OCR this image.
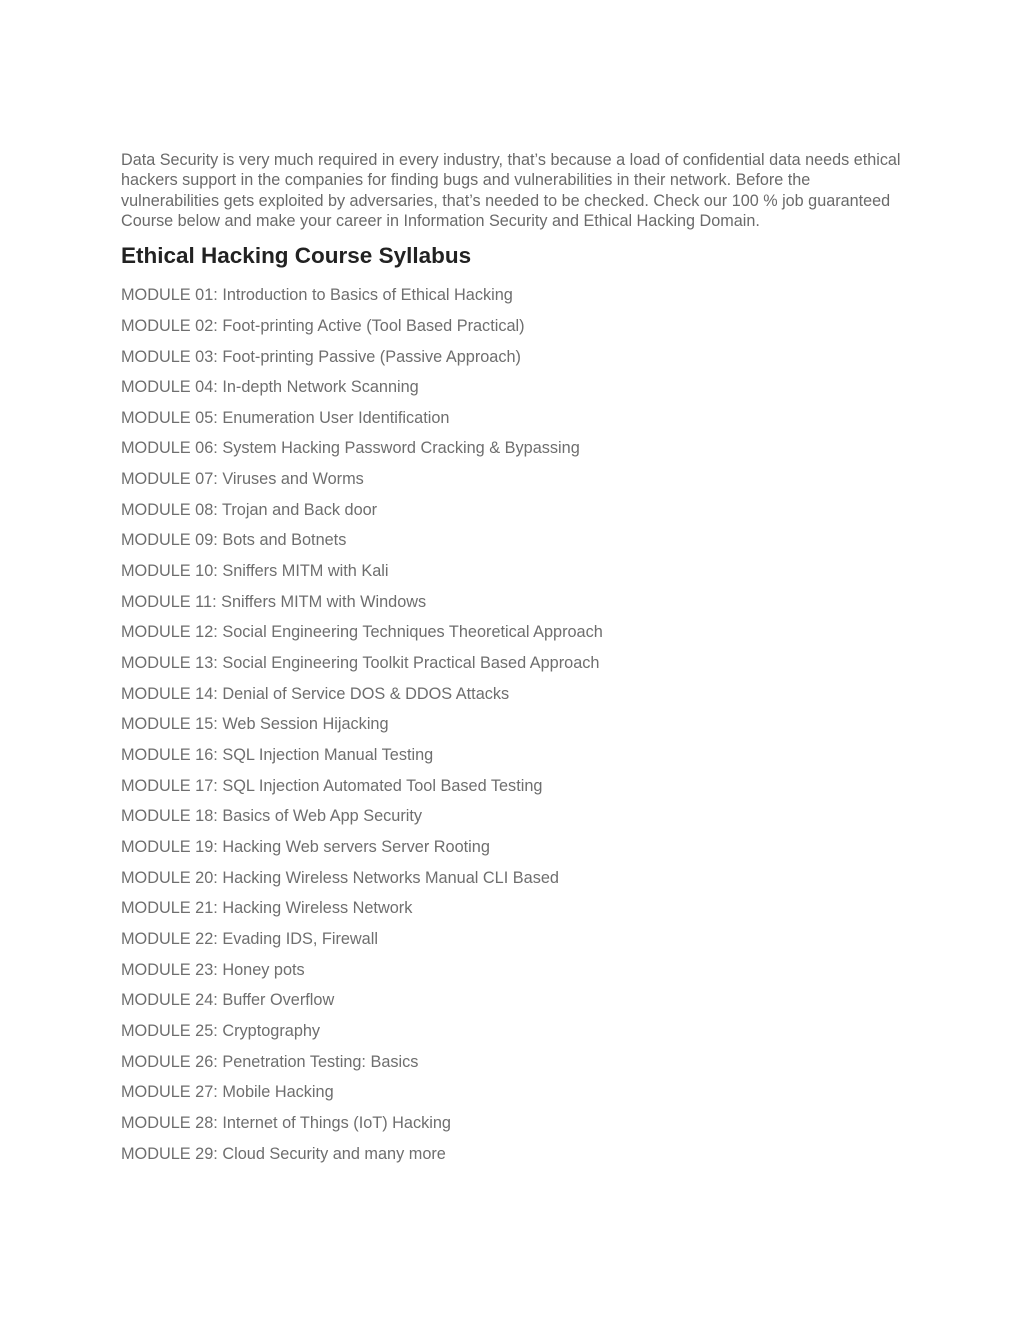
Data Security is very much required in every industry, that’s because a load of confidential data needs ethical hackers support in the companies for finding bugs and vulnerabilities in their network. Before the vulnerabilities gets exploited by adversaries, that’s needed to be checked. Check our 100 % job guaranteed Course below and make your career in Information Security and Ethical Hacking Domain.

Ethical Hacking Course Syllabus
MODULE 01: Introduction to Basics of Ethical Hacking
MODULE 02: Foot-printing Active (Tool Based Practical)
MODULE 03: Foot-printing Passive (Passive Approach)
MODULE 04: In-depth Network Scanning
MODULE 05: Enumeration User Identification
MODULE 06: System Hacking Password Cracking & Bypassing
MODULE 07: Viruses and Worms
MODULE 08: Trojan and Back door
MODULE 09: Bots and Botnets
MODULE 10: Sniffers MITM with Kali
MODULE 11: Sniffers MITM with Windows
MODULE 12: Social Engineering Techniques Theoretical Approach
MODULE 13: Social Engineering Toolkit Practical Based Approach
MODULE 14: Denial of Service DOS & DDOS Attacks
MODULE 15: Web Session Hijacking
MODULE 16: SQL Injection Manual Testing
MODULE 17: SQL Injection Automated Tool Based Testing
MODULE 18: Basics of Web App Security
MODULE 19: Hacking Web servers Server Rooting
MODULE 20: Hacking Wireless Networks Manual CLI Based
MODULE 21: Hacking Wireless Network
MODULE 22: Evading IDS, Firewall
MODULE 23: Honey pots
MODULE 24: Buffer Overflow
MODULE 25: Cryptography
MODULE 26: Penetration Testing: Basics
MODULE 27: Mobile Hacking
MODULE 28: Internet of Things (IoT) Hacking
MODULE 29: Cloud Security and many more
